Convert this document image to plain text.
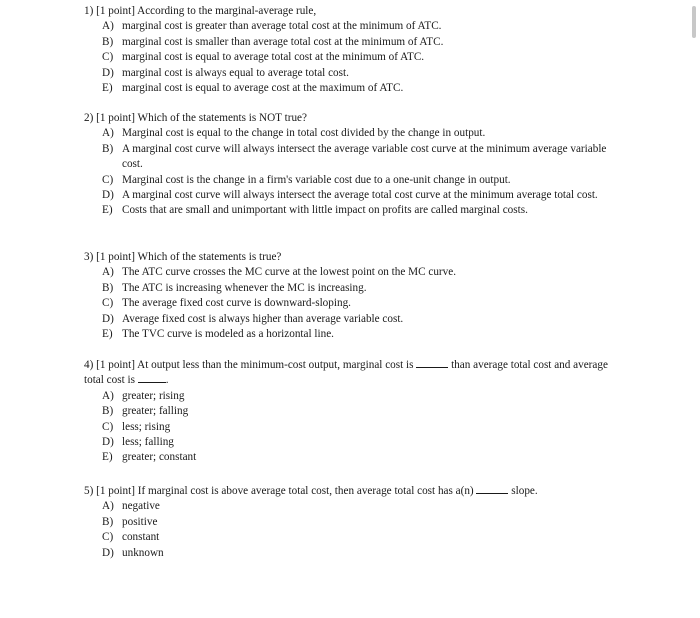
1) [1 point] According to the marginal-average rule,

A) marginal cost is greater than average total cost at the minimum of ATC.
B) marginal cost is smaller than average total cost at the minimum of ATC.
C) marginal cost is equal to average total cost at the minimum of ATC.
D) marginal cost is always equal to average total cost.
E) marginal cost is equal to average cost at the maximum of ATC.

2) [1 point] Which of the statements is NOT true?

A) Marginal cost is equal to the change in total cost divided by the change in output.
B) A marginal cost curve will always intersect the average variable cost curve at the minimum average variable cost.
C) Marginal cost is the change in a firm's variable cost due to a one-unit change in output.
D) A marginal cost curve will always intersect the average total cost curve at the minimum average total cost.
E) Costs that are small and unimportant with little impact on profits are called marginal costs.

3) [1 point] Which of the statements is true?

A) The ATC curve crosses the MC curve at the lowest point on the MC curve.
B) The ATC is increasing whenever the MC is increasing.
C) The average fixed cost curve is downward-sloping.
D) Average fixed cost is always higher than average variable cost.
E) The TVC curve is modeled as a horizontal line.

4) [1 point] At output less than the minimum-cost output, marginal cost is	than average total cost and average total cost is	.

A) greater; rising
B) greater; falling
C) less; rising
D) less; falling
E) greater; constant

5) [1 point] If marginal cost is above average total cost, then average total cost has a(n)	slope.

A) negative
B) positive
C) constant
D) unknown
